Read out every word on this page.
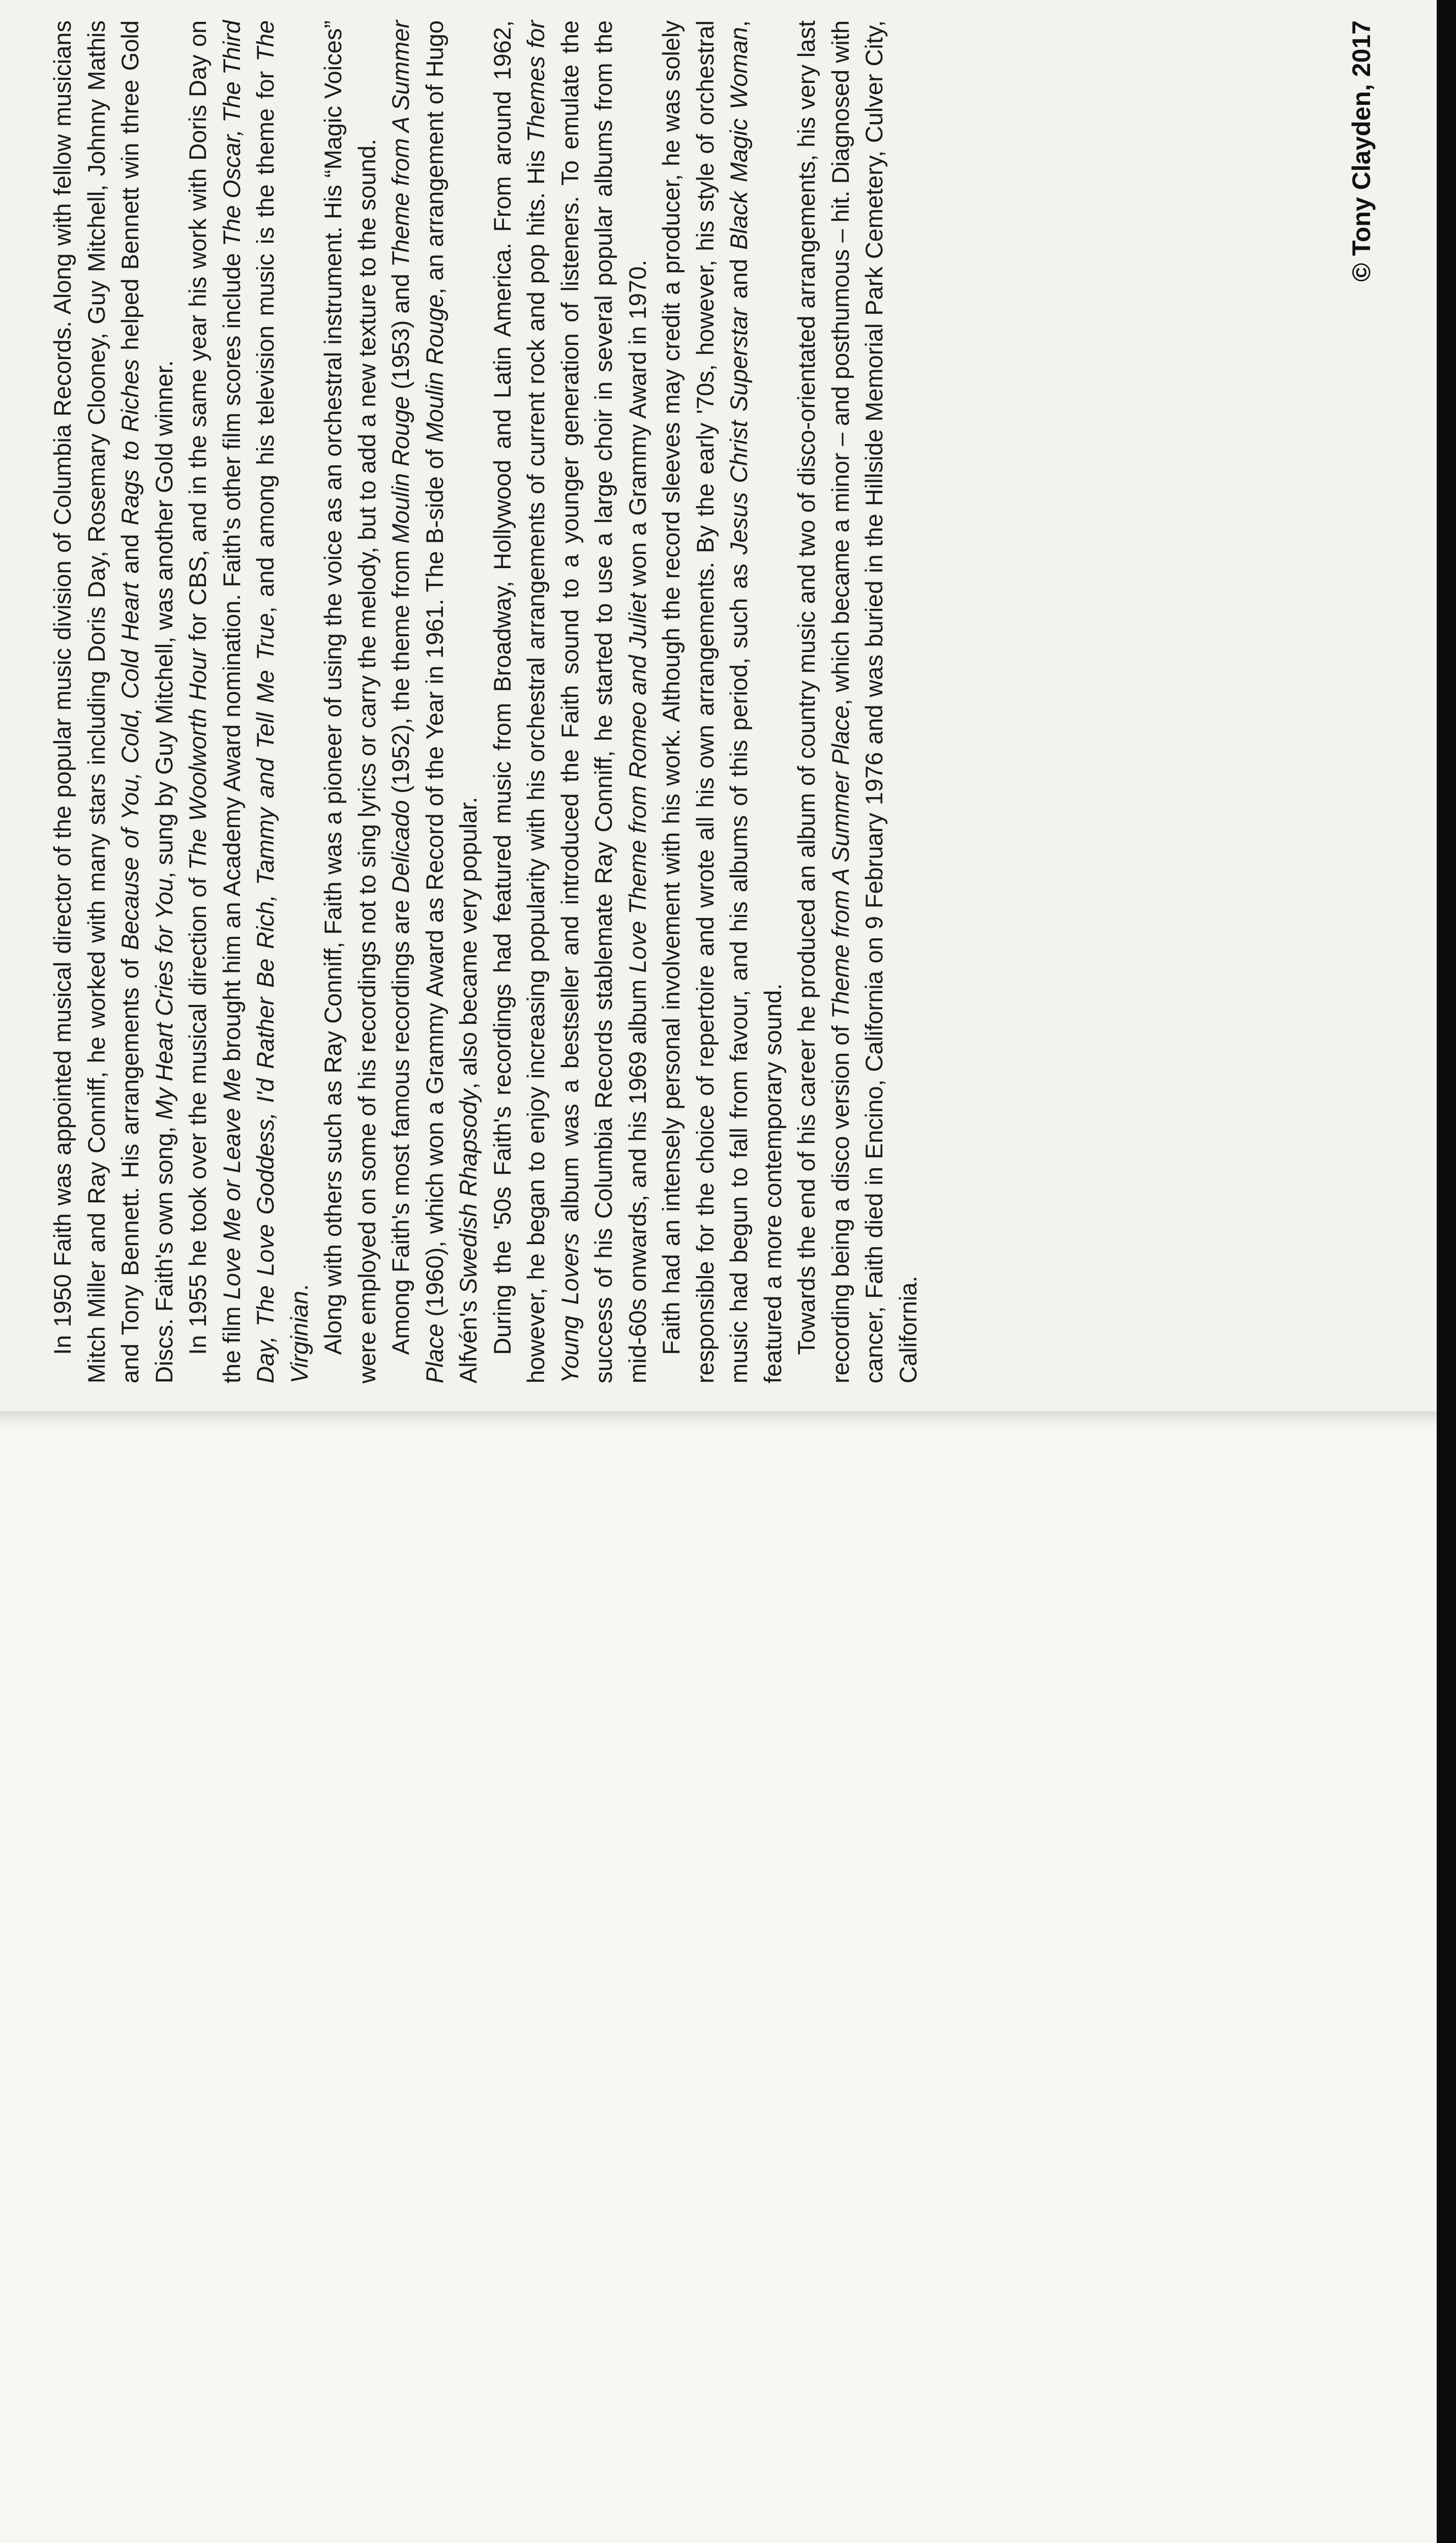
In 1950 Faith was appointed musical director of the popular music division of Columbia Records. Along with fellow musicians Mitch Miller and Ray Conniff, he worked with many stars including Doris Day, Rosemary Clooney, Guy Mitchell, Johnny Mathis and Tony Bennett. His arrangements of Because of You, Cold, Cold Heart and Rags to Riches helped Bennett win three Gold Discs. Faith's own song, My Heart Cries for You, sung by Guy Mitchell, was another Gold winner.

In 1955 he took over the musical direction of The Woolworth Hour for CBS, and in the same year his work with Doris Day on the film Love Me or Leave Me brought him an Academy Award nomination. Faith's other film scores include The Oscar, The Third Day, The Love Goddess, I'd Rather Be Rich, Tammy and Tell Me True, and among his television music is the theme for The Virginian. Along with others such as Ray Conniff, Faith was a pioneer of using the voice as an orchestral instrument. His “Magic Voices” were employed on some of his recordings not to sing lyrics or carry the melody, but to add a new texture to the sound. Among Faith's most famous recordings are Delicado (1952), the theme from Moulin Rouge (1953) and Theme from A Summer Place (1960), which won a Grammy Award as Record of the Year in 1961. The B-side of Moulin Rouge, an arrangement of Hugo Alfvén's Swedish Rhapsody, also became very popular. During the '50s Faith's recordings had featured music from Broadway, Hollywood and Latin America. From around 1962, however, he began to enjoy increasing popularity with his orchestral arrangements of current rock and pop hits. His Themes for Young Lovers album was a bestseller and introduced the Faith sound to a younger generation of listeners. To emulate the success of his Columbia Records stablemate Ray Conniff, he started to use a large choir in several popular albums from the mid-60s onwards, and his 1969 album Love Theme from Romeo and Juliet won a Grammy Award in 1970. Faith had an intensely personal involvement with his work. Although the record sleeves may credit a producer, he was solely responsible for the choice of repertoire and wrote all his own arrangements. By the early '70s, however, his style of orchestral music had begun to fall from favour, and his albums of this period, such as Jesus Christ Superstar and Black Magic Woman, featured a more contemporary sound. Towards the end of his career he produced an album of country music and two of disco-orientated arrangements, his very last recording being a disco version of Theme from A Summer Place, which became a minor – and posthumous – hit. Diagnosed with cancer, Faith died in Encino, California on 9 February 1976 and was buried in the Hillside Memorial Park Cemetery, Culver City, California.

© Tony Clayden, 2017
